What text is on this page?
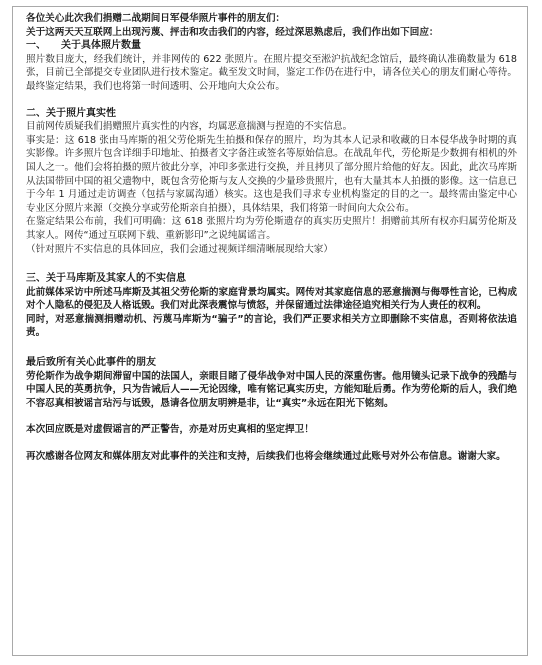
各位关心此次我们捐赠二战期间日军侵华照片事件的朋友们：

关于这两天天互联网上出现污蔑、抨击和攻击我们的内容，经过深思熟虑后，我们作出如下回应：

一、　　关于具体照片数量

照片数目庞大，经我们统计，并非网传的 622 张照片。在照片提交至淞沪抗战纪念馆后，最终确认准确数量为 618 张，目前已全部提交专业团队进行技术鉴定。截至发文时间，鉴定工作仍在进行中，请各位关心的朋友们耐心等待。最终鉴定结果，我们也将第一时间透明、公开地向大众公布。

二、关于照片真实性

目前网传质疑我们捐赠照片真实性的内容，均属恶意揣测与捏造的不实信息。

事实是：这 618 张由马库斯的祖父劳伦斯先生拍摄和保存的照片，均为其本人记录和收藏的日本侵华战争时期的真实影像。许多照片包含详细手印地址、拍摄者文字备注或签名等原始信息。在战乱年代，劳伦斯是少数拥有相机的外国人之一。他们会将拍摄的照片彼此分享，冲印多张进行交换，并且拷贝了部分照片给他的好友。因此，此次马库斯从法国带回中国的祖父遗物中，既包含劳伦斯与友人交换的少量珍贵照片，也有大量其本人拍摄的影像。这一信息已于今年 1 月通过走访调查（包括与家属沟通）核实。这也是我们寻求专业机构鉴定的目的之一。最终需由鉴定中心专业区分照片来源（交换分享或劳伦斯亲自拍摄），具体结果，我们将第一时间向大众公布。

在鉴定结果公布前，我们可明确：这 618 张照片均为劳伦斯遗存的真实历史照片！捐赠前其所有权亦归属劳伦斯及其家人。网传“通过互联网下载、重新影印”之说纯属谣言。

（针对照片不实信息的具体回应，我们会通过视频详细清晰展现给大家）

三、关于马库斯及其家人的不实信息

此前媒体采访中所述马库斯及其祖父劳伦斯的家庭背景均属实。网传对其家庭信息的恶意揣测与侮辱性言论，已构成对个人隐私的侵犯及人格诋毁。我们对此深表震惊与愤怒，并保留通过法律途径追究相关行为人责任的权利。

同时，对恶意揣测捐赠动机、污蔑马库斯为“骗子”的言论，我们严正要求相关方立即删除不实信息，否则将依法追责。

最后致所有关心此事件的朋友

劳伦斯作为战争期间滞留中国的法国人，亲眼目睹了侵华战争对中国人民的深重伤害。他用镜头记录下战争的残酷与中国人民的英勇抗争，只为告诫后人——无论因缘，唯有铭记真实历史，方能知耻后勇。作为劳伦斯的后人，我们绝不容忍真相被谣言玷污与诋毁，恳请各位朋友明辨是非，让“真实”永远在阳光下铭刻。

本次回应既是对虚假谣言的严正警告，亦是对历史真相的坚定捍卫！

再次感谢各位网友和媒体朋友对此事件的关注和支持，后续我们也将会继续通过此账号对外公布信息。谢谢大家。
